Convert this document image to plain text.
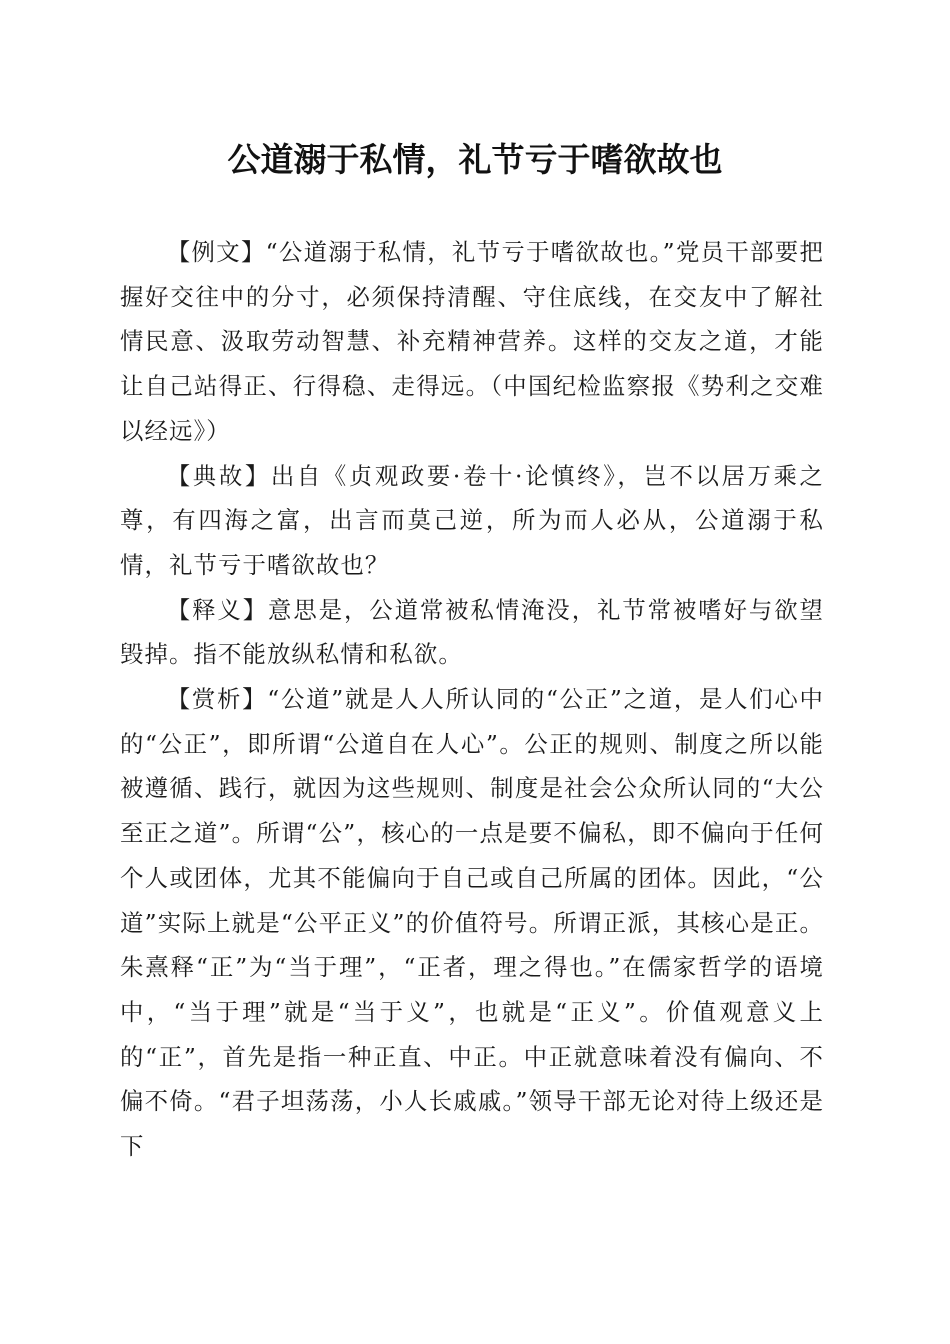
公道溺于私情，礼节亏于嗜欲故也

【例文】“公道溺于私情，礼节亏于嗜欲故也。”党员干部要把握好交往中的分寸，必须保持清醒、守住底线，在交友中了解社情民意、汲取劳动智慧、补充精神营养。这样的交友之道，才能让自己站得正、行得稳、走得远。（中国纪检监察报《势利之交难以经远》）

【典故】出自《贞观政要·卷十·论慎终》，岂不以居万乘之尊，有四海之富，出言而莫己逆，所为而人必从，公道溺于私情，礼节亏于嗜欲故也？

【释义】意思是，公道常被私情淹没，礼节常被嗜好与欲望毁掉。指不能放纵私情和私欲。

【赏析】“公道”就是人人所认同的“公正”之道，是人们心中的“公正”，即所谓“公道自在人心”。公正的规则、制度之所以能被遵循、践行，就因为这些规则、制度是社会公众所认同的“大公至正之道”。所谓“公”，核心的一点是要不偏私，即不偏向于任何个人或团体，尤其不能偏向于自己或自己所属的团体。因此，“公道”实际上就是“公平正义”的价值符号。所谓正派，其核心是正。朱熹释“正”为“当于理”，“正者，理之得也。”在儒家哲学的语境中，“当于理”就是“当于义”，也就是“正义”。价值观意义上的“正”，首先是指一种正直、中正。中正就意味着没有偏向、不偏不倚。“君子坦荡荡，小人长戚戚。”领导干部无论对待上级还是下
